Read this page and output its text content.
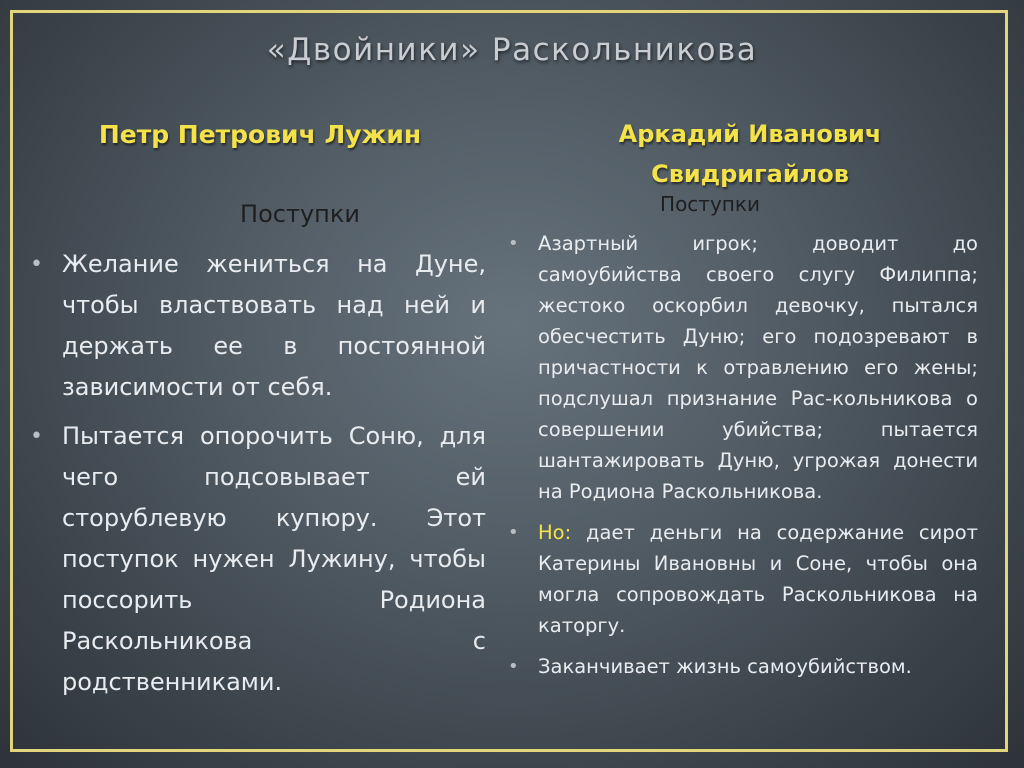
«Двойники» Раскольникова
Петр Петрович Лужин	Аркадий Иванович
Свидригайлов
Поступки	Поступки
• Желание жениться на Дуне, чтобы властвовать над ней и держать ее в постоянной зависимости от себя.
• Пытается опорочить Соню, для чего подсовывает ей сторублевую купюру. Этот поступок нужен Лужину, чтобы поссорить Родиона Раскольникова с родственниками.
• Азартный игрок; доводит до самоубийства своего слугу Филиппа; жестоко оскорбил девочку, пытался обесчестить Дуню; его подозревают в причастности к отравлению его жены; подслушал признание Рас-кольникова о совершении убийства; пытается шантажировать Дуню, угрожая донести на Родиона Раскольникова.
• Но: дает деньги на содержание сирот Катерины Ивановны и Соне, чтобы она могла сопровождать Раскольникова на каторгу.
• Заканчивает жизнь самоубийством.
